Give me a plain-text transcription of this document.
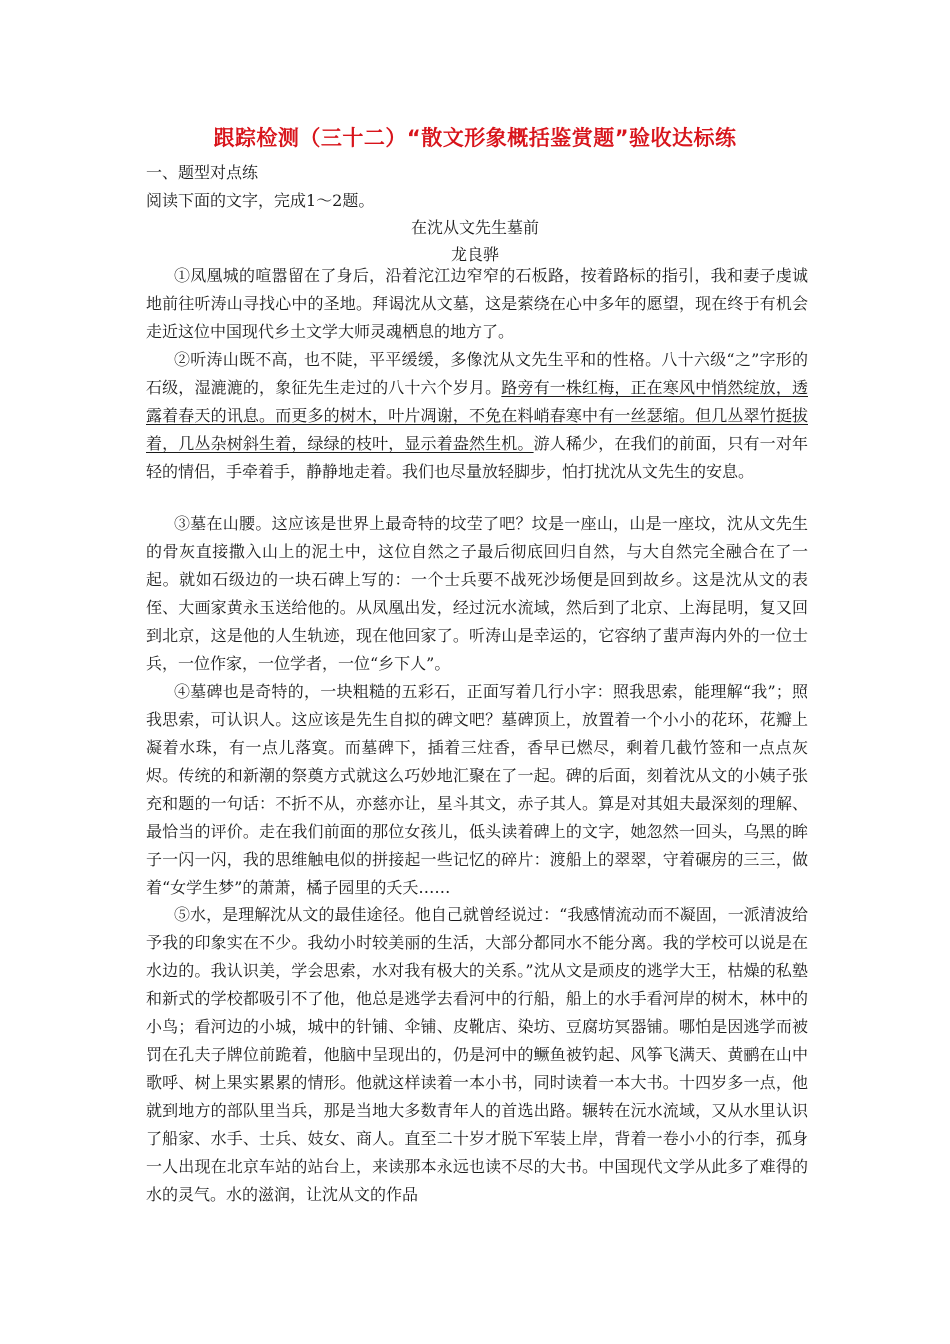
跟踪检测（三十二）“散文形象概括鉴赏题”验收达标练
一、题型对点练
阅读下面的文字，完成1～2题。
在沈从文先生墓前
龙良骅
①凤凰城的喧嚣留在了身后，沿着沱江边窄窄的石板路，按着路标的指引，我和妻子虔诚地前往听涛山寻找心中的圣地。拜谒沈从文墓，这是萦绕在心中多年的愿望，现在终于有机会走近这位中国现代乡土文学大师灵魂栖息的地方了。
②听涛山既不高，也不陡，平平缓缓，多像沈从文先生平和的性格。八十六级“之”字形的石级，湿漉漉的，象征先生走过的八十六个岁月。路旁有一株红梅，正在寒风中悄然绽放，透露着春天的讯息。而更多的树木，叶片凋谢，不免在料峭春寒中有一丝瑟缩。但几丛翠竹挺拔着，几丛杂树斜生着，绿绿的枝叶，显示着盎然生机。游人稀少，在我们的前面，只有一对年轻的情侣，手牵着手，静静地走着。我们也尽量放轻脚步，怕打扰沈从文先生的安息。
③墓在山腰。这应该是世界上最奇特的坟茔了吧？坟是一座山，山是一座坟，沈从文先生的骨灰直接撒入山上的泥土中，这位自然之子最后彻底回归自然，与大自然完全融合在了一起。就如石级边的一块石碑上写的：一个士兵要不战死沙场便是回到故乡。这是沈从文的表侄、大画家黄永玉送给他的。从凤凰出发，经过沅水流域，然后到了北京、上海昆明，复又回到北京，这是他的人生轨迹，现在他回家了。听涛山是幸运的，它容纳了蜚声海内外的一位士兵，一位作家，一位学者，一位“乡下人”。
④墓碑也是奇特的，一块粗糙的五彩石，正面写着几行小字：照我思索，能理解“我”；照我思索，可认识人。这应该是先生自拟的碑文吧？墓碑顶上，放置着一个小小的花环，花瓣上凝着水珠，有一点儿落寞。而墓碑下，插着三炷香，香早已燃尽，剩着几截竹签和一点点灰烬。传统的和新潮的祭奠方式就这么巧妙地汇聚在了一起。碑的后面，刻着沈从文的小姨子张充和题的一句话：不折不从，亦慈亦让，星斗其文，赤子其人。算是对其姐夫最深刻的理解、最恰当的评价。走在我们前面的那位女孩儿，低头读着碑上的文字，她忽然一回头，乌黑的眸子一闪一闪，我的思维触电似的拼接起一些记忆的碎片：渡船上的翠翠，守着碾房的三三，做着“女学生梦”的萧萧，橘子园里的夭夭……
⑤水，是理解沈从文的最佳途径。他自己就曾经说过：“我感情流动而不凝固，一派清波给予我的印象实在不少。我幼小时较美丽的生活，大部分都同水不能分离。我的学校可以说是在水边的。我认识美，学会思索，水对我有极大的关系。”沈从文是顽皮的逃学大王，枯燥的私塾和新式的学校都吸引不了他，他总是逃学去看河中的行船，船上的水手看河岸的树木，林中的小鸟；看河边的小城，城中的针铺、伞铺、皮靴店、染坊、豆腐坊冥器铺。哪怕是因逃学而被罚在孔夫子牌位前跪着，他脑中呈现出的，仍是河中的鳜鱼被钓起、风筝飞满天、黄鹂在山中歌呼、树上果实累累的情形。他就这样读着一本小书，同时读着一本大书。十四岁多一点，他就到地方的部队里当兵，那是当地大多数青年人的首选出路。辗转在沅水流域，又从水里认识了船家、水手、士兵、妓女、商人。直至二十岁才脱下军装上岸，背着一卷小小的行李，孤身一人出现在北京车站的站台上，来读那本永远也读不尽的大书。中国现代文学从此多了难得的水的灵气。水的滋润，让沈从文的作品
